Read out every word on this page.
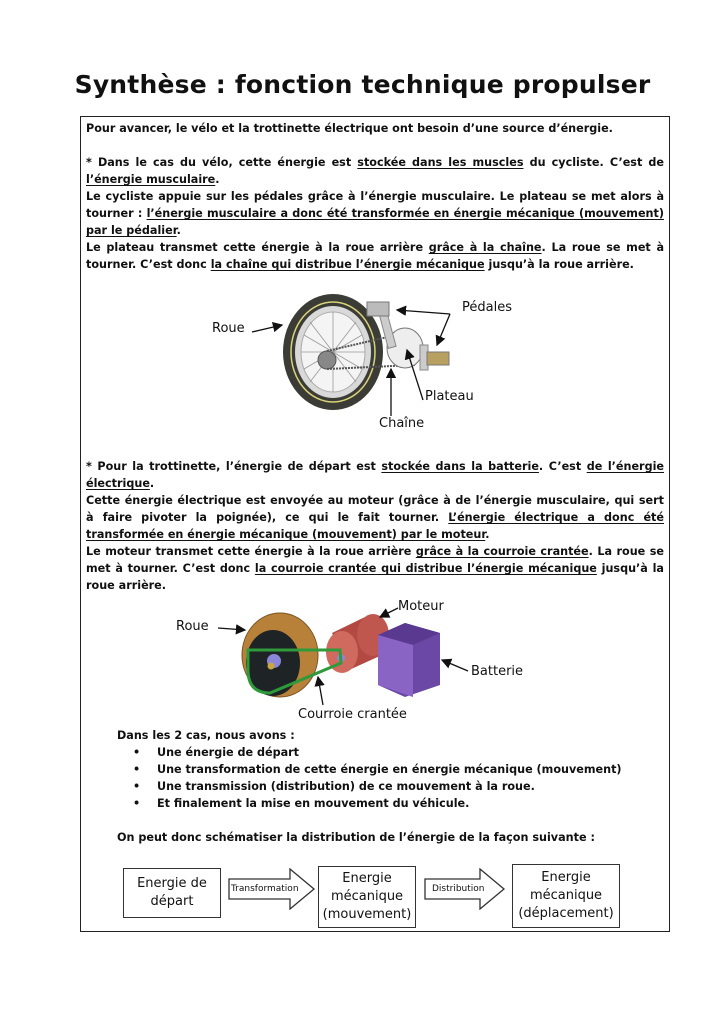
Synthèse : fonction technique propulser
Pour avancer, le vélo et la trottinette électrique ont besoin d’une source d’énergie.
* Dans le cas du vélo, cette énergie est stockée dans les muscles du cycliste. C’est de l’énergie musculaire.
Le cycliste appuie sur les pédales grâce à l’énergie musculaire. Le plateau se met alors à tourner : l’énergie musculaire a donc été transformée en énergie mécanique (mouvement) par le pédalier.
Le plateau transmet cette énergie à la roue arrière grâce à la chaîne. La roue se met à tourner. C’est donc la chaîne qui distribue l’énergie mécanique jusqu’à la roue arrière.
Roue
Pédales
Plateau
Chaîne
* Pour la trottinette, l’énergie de départ est stockée dans la batterie. C’est de l’énergie électrique.
Cette énergie électrique est envoyée au moteur (grâce à de l’énergie musculaire, qui sert à faire pivoter la poignée), ce qui le fait tourner. L’énergie électrique a donc été transformée en énergie mécanique (mouvement) par le moteur.
Le moteur transmet cette énergie à la roue arrière grâce à la courroie crantée. La roue se met à tourner. C’est donc la courroie crantée qui distribue l’énergie mécanique jusqu’à la roue arrière.
Roue
Moteur
Batterie
Courroie crantée
Dans les 2 cas, nous avons :
• Une énergie de départ
• Une transformation de cette énergie en énergie mécanique (mouvement)
• Une transmission (distribution) de ce mouvement à la roue.
• Et finalement la mise en mouvement du véhicule.
On peut donc schématiser la distribution de l’énergie de la façon suivante :
Energie de départ
Transformation
Energie mécanique (mouvement)
Distribution
Energie mécanique (déplacement)
